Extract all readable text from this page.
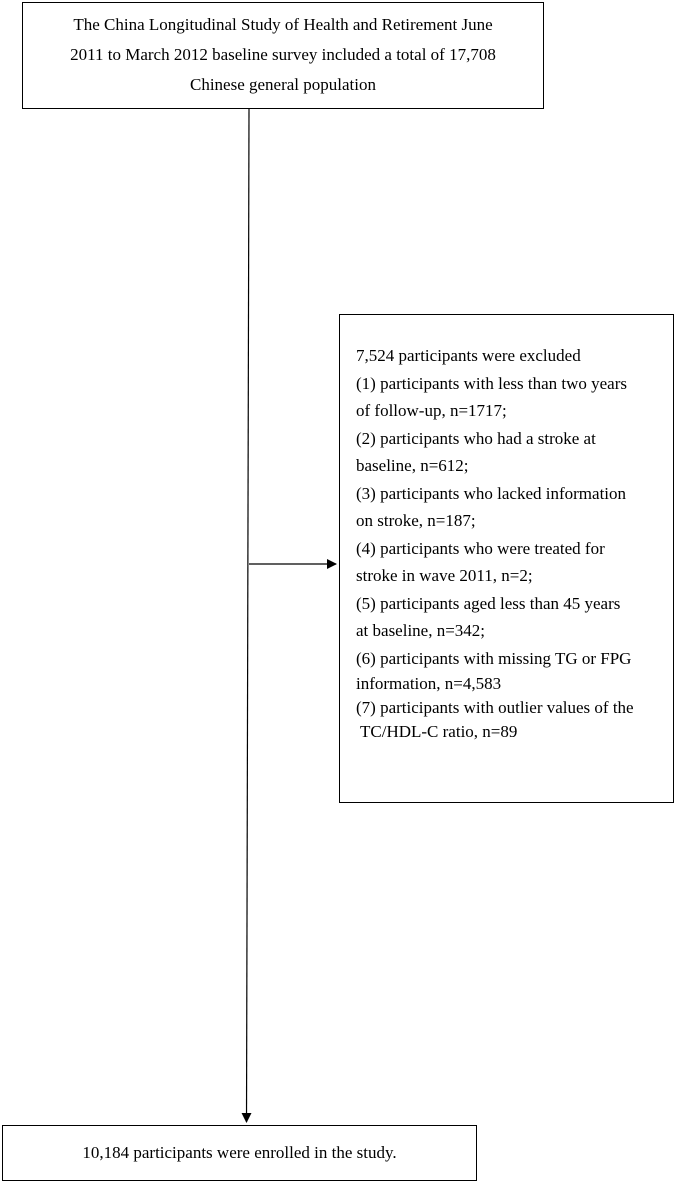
The China Longitudinal Study of Health and Retirement June
2011 to March 2012 baseline survey included a total of 17,708
Chinese general population
7,524 participants were excluded
(1) participants with less than two years
of follow-up, n=1717;
(2) participants who had a stroke at
baseline, n=612;
(3) participants who lacked information
on stroke, n=187;
(4) participants who were treated for
stroke in wave 2011, n=2;
(5) participants aged less than 45 years
at baseline, n=342;
(6) participants with missing TG or FPG
information, n=4,583
(7) participants with outlier values of the
TC/HDL-C ratio, n=89
10,184 participants were enrolled in the study.
